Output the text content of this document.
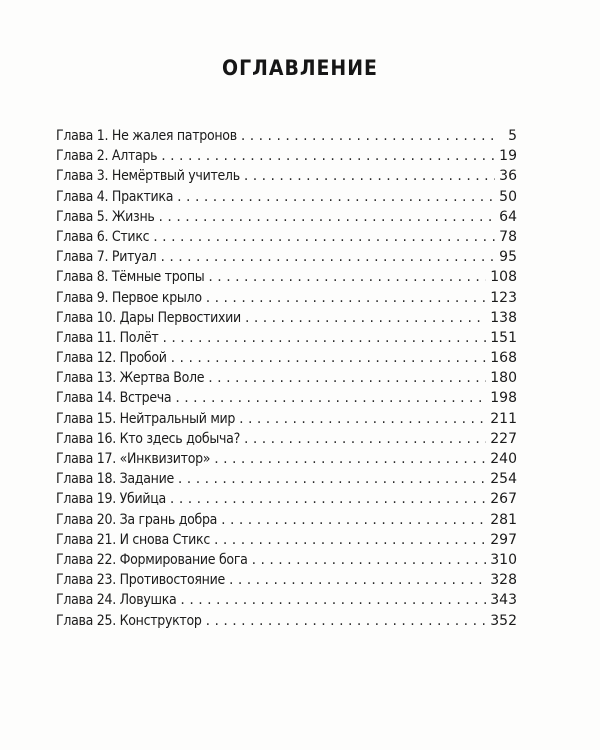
ОГЛАВЛЕНИЕ
Глава 1. Не жалея патронов . . .	5
Глава 2. Алтарь . . .	19
Глава 3. Немёртвый учитель . . .	36
Глава 4. Практика . . .	50
Глава 5. Жизнь . . .	64
Глава 6. Стикс . . .	78
Глава 7. Ритуал . . .	95
Глава 8. Тёмные тропы . . .	108
Глава 9. Первое крыло . . .	123
Глава 10. Дары Первостихии . . .	138
Глава 11. Полёт . . .	151
Глава 12. Пробой . . .	168
Глава 13. Жертва Воле . . .	180
Глава 14. Встреча . . .	198
Глава 15. Нейтральный мир . . .	211
Глава 16. Кто здесь добыча? . . .	227
Глава 17. «Инквизитор» . . .	240
Глава 18. Задание . . .	254
Глава 19. Убийца . . .	267
Глава 20. За грань добра . . .	281
Глава 21. И снова Стикс . . .	297
Глава 22. Формирование бога . . .	310
Глава 23. Противостояние . . .	328
Глава 24. Ловушка . . .	343
Глава 25. Конструктор . . .	352
